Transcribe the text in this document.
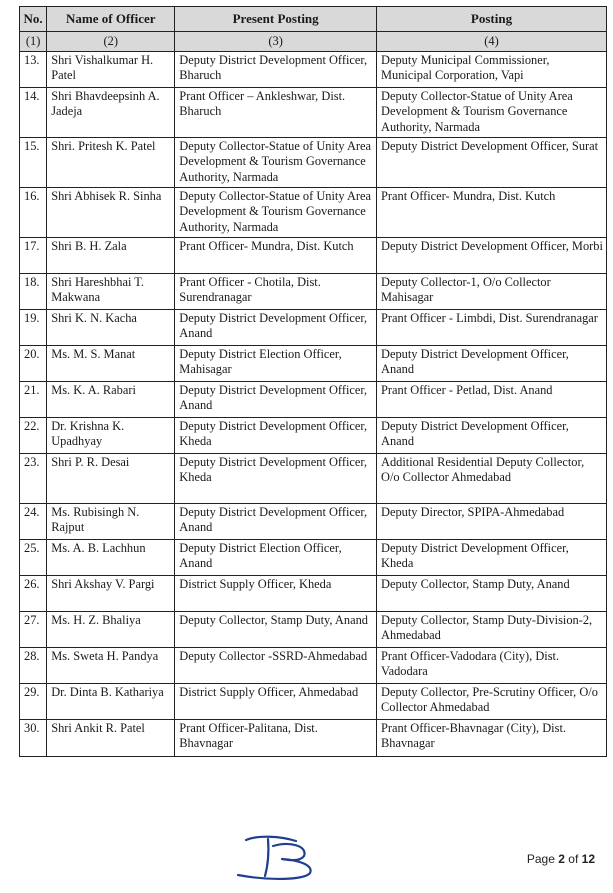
No.	Name of Officer	Present Posting	Posting
(1)	(2)	(3)	(4)
13.	Shri Vishalkumar H. Patel	Deputy District Development Officer, Bharuch	Deputy Municipal Commissioner, Municipal Corporation, Vapi
14.	Shri Bhavdeepsinh A. Jadeja	Prant Officer – Ankleshwar, Dist. Bharuch	Deputy Collector-Statue of Unity Area Development & Tourism Governance Authority, Narmada
15.	Shri. Pritesh K. Patel	Deputy Collector-Statue of Unity Area Development & Tourism Governance Authority, Narmada	Deputy District Development Officer, Surat
16.	Shri Abhisek R. Sinha	Deputy Collector-Statue of Unity Area Development & Tourism Governance Authority, Narmada	Prant Officer- Mundra, Dist. Kutch
17.	Shri B. H. Zala	Prant Officer- Mundra, Dist. Kutch	Deputy District Development Officer, Morbi
18.	Shri Hareshbhai T. Makwana	Prant Officer - Chotila, Dist. Surendranagar	Deputy Collector-1, O/o Collector Mahisagar
19.	Shri K. N. Kacha	Deputy District Development Officer, Anand	Prant Officer - Limbdi, Dist. Surendranagar
20.	Ms. M. S. Manat	Deputy District Election Officer, Mahisagar	Deputy District Development Officer, Anand
21.	Ms. K. A. Rabari	Deputy District Development Officer, Anand	Prant Officer - Petlad, Dist. Anand
22.	Dr. Krishna K. Upadhyay	Deputy District Development Officer, Kheda	Deputy District Development Officer, Anand
23.	Shri P. R. Desai	Deputy District Development Officer, Kheda	Additional Residential Deputy Collector, O/o Collector Ahmedabad
24.	Ms. Rubisingh N. Rajput	Deputy District Development Officer, Anand	Deputy Director, SPIPA-Ahmedabad
25.	Ms. A. B. Lachhun	Deputy District Election Officer, Anand	Deputy District Development Officer, Kheda
26.	Shri Akshay V. Pargi	District Supply Officer, Kheda	Deputy Collector, Stamp Duty, Anand
27.	Ms. H. Z. Bhaliya	Deputy Collector, Stamp Duty, Anand	Deputy Collector, Stamp Duty-Division-2, Ahmedabad
28.	Ms. Sweta H. Pandya	Deputy Collector -SSRD-Ahmedabad	Prant Officer-Vadodara (City), Dist. Vadodara
29.	Dr. Dinta B. Kathariya	District Supply Officer, Ahmedabad	Deputy Collector, Pre-Scrutiny Officer, O/o Collector Ahmedabad
30.	Shri Ankit R. Patel	Prant Officer-Palitana, Dist. Bhavnagar	Prant Officer-Bhavnagar (City), Dist. Bhavnagar
Page 2 of 12
